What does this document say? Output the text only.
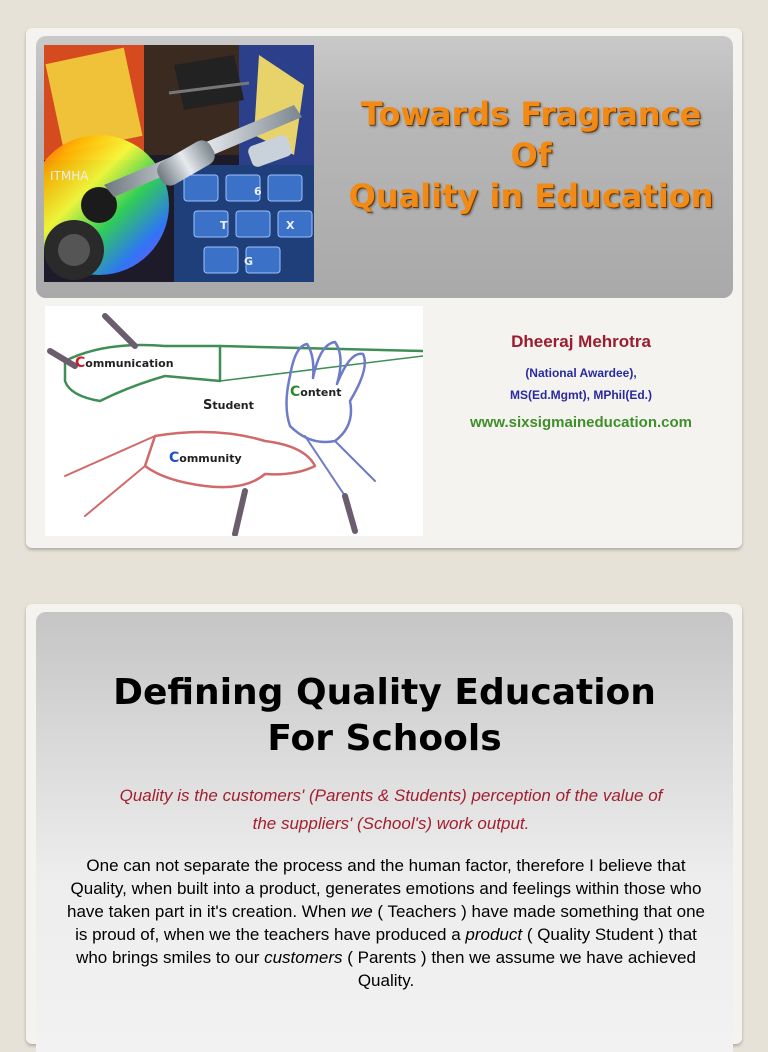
6
T
G
X
ITMHA
Towards Fragrance
Of
Quality in Education
Communication
Student
Content
Community
Dheeraj Mehrotra
(National Awardee),
MS(Ed.Mgmt), MPhil(Ed.)
www.sixsigmaineducation.com
Defining Quality Education
For Schools
Quality is the customers' (Parents & Students) perception of the value of
the suppliers' (School's) work output.
One can not separate the process and the human factor, therefore I believe that Quality, when built into a product, generates emotions and feelings within those who have taken part in it's creation. When we ( Teachers ) have made something that one is proud of, when we the teachers have produced a product ( Quality Student ) that who brings smiles to our customers ( Parents ) then we assume we have achieved Quality.
